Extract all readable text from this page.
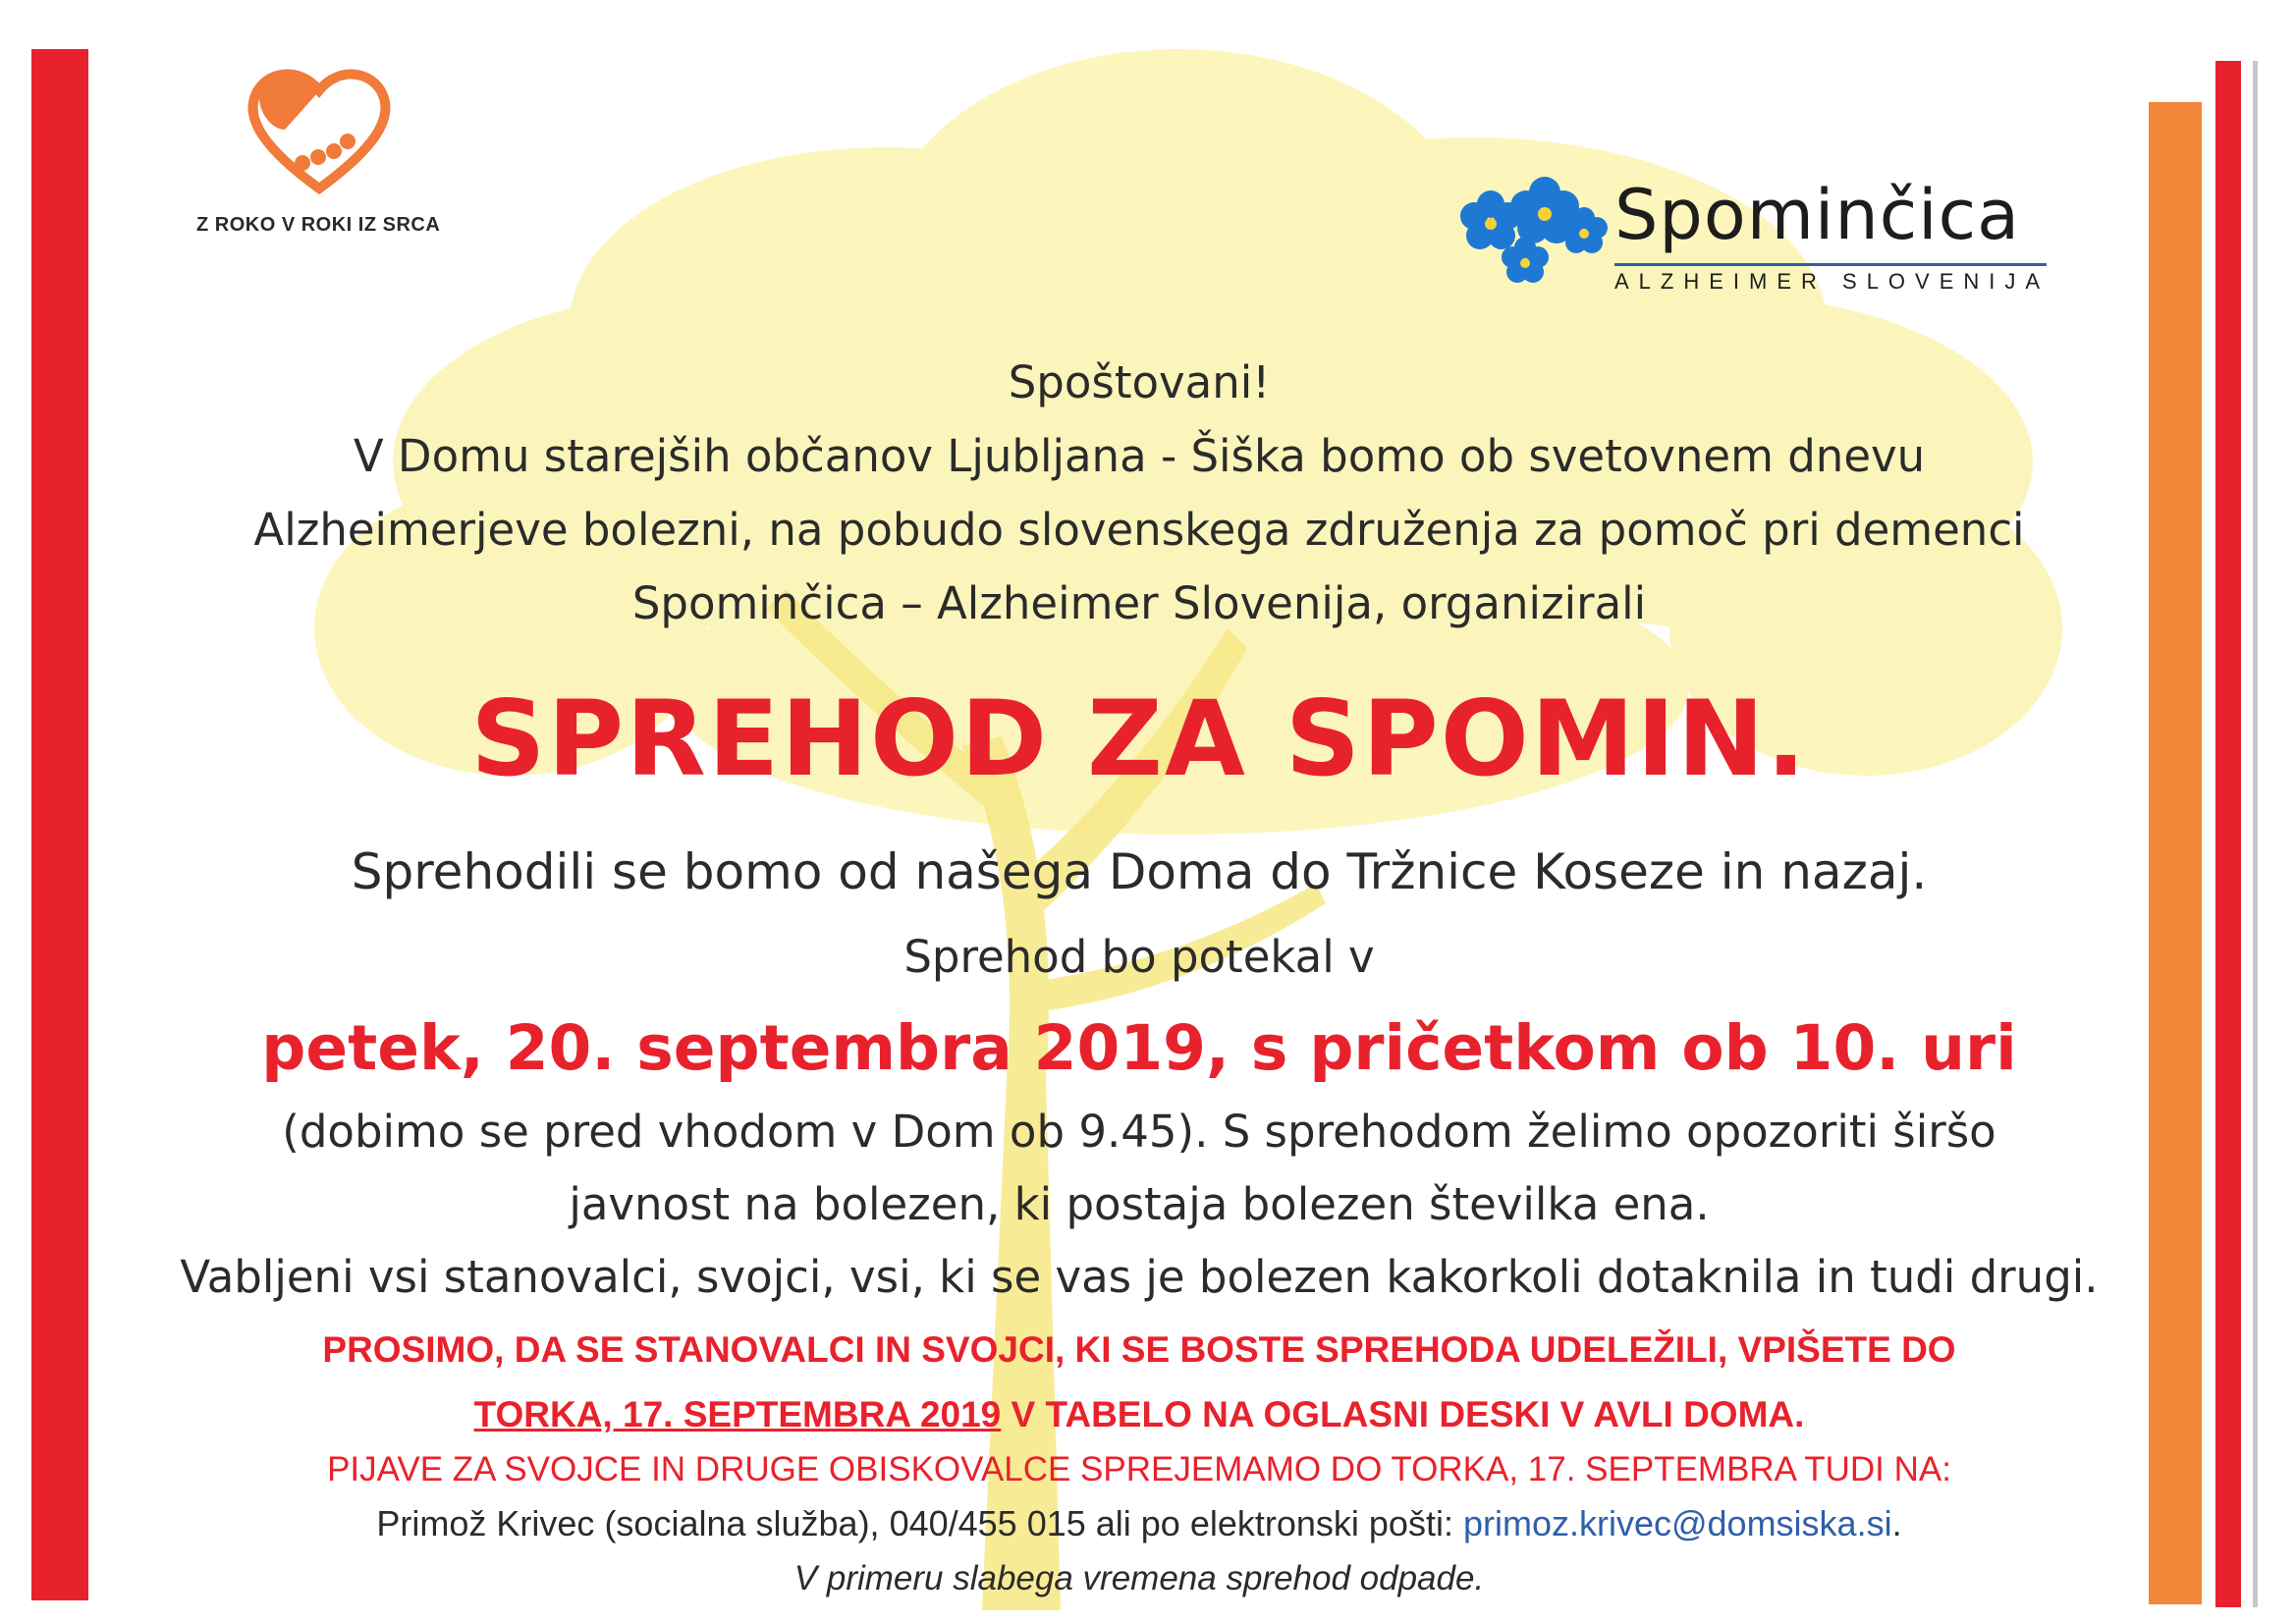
Z ROKO V ROKI IZ SRCA	Spominčica
ALZHEIMER SLOVENIJA
Spoštovani!
V Domu starejših občanov Ljubljana - Šiška bomo ob svetovnem dnevu
Alzheimerjeve bolezni, na pobudo slovenskega združenja za pomoč pri demenci
Spominčica – Alzheimer Slovenija, organizirali
SPREHOD ZA SPOMIN.
Sprehodili se bomo od našega Doma do Tržnice Koseze in nazaj.
Sprehod bo potekal v
petek, 20. septembra 2019, s pričetkom ob 10. uri
(dobimo se pred vhodom v Dom ob 9.45). S sprehodom želimo opozoriti širšo
javnost na bolezen, ki postaja bolezen številka ena.
Vabljeni vsi stanovalci, svojci, vsi, ki se vas je bolezen kakorkoli dotaknila in tudi drugi.
PROSIMO, DA SE STANOVALCI IN SVOJCI, KI SE BOSTE SPREHODA UDELEŽILI, VPIŠETE DO
TORKA, 17. SEPTEMBRA 2019 V TABELO NA OGLASNI DESKI V AVLI DOMA.
PIJAVE ZA SVOJCE IN DRUGE OBISKOVALCE SPREJEMAMO DO TORKA, 17. SEPTEMBRA TUDI NA:
Primož Krivec (socialna služba), 040/455 015 ali po elektronski pošti: primoz.krivec@domsiska.si.
V primeru slabega vremena sprehod odpade.
